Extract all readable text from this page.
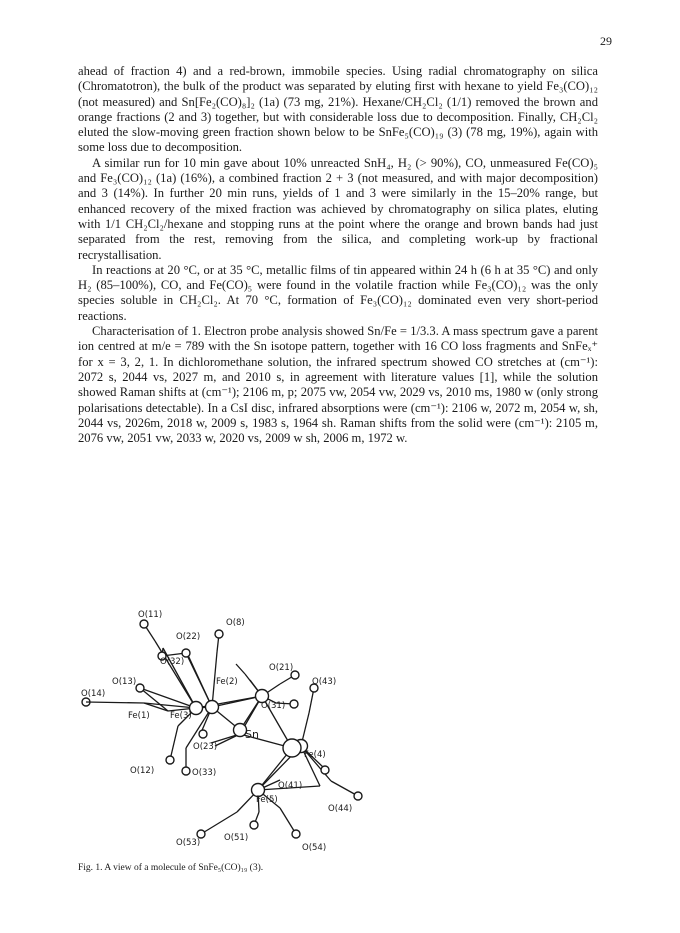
29

ahead of fraction 4) and a red-brown, immobile species. Using radial chromatography on silica (Chromatotron), the bulk of the product was separated by eluting first with hexane to yield Fe₃(CO)₁₂ (not measured) and Sn[Fe₂(CO)₈]₂ (1a) (73 mg, 21%). Hexane/CH₂Cl₂ (1/1) removed the brown and orange fractions (2 and 3) together, but with considerable loss due to decomposition. Finally, CH₂Cl₂ eluted the slow-moving green fraction shown below to be SnFe₅(CO)₁₉ (3) (78 mg, 19%), again with some loss due to decomposition.

A similar run for 10 min gave about 10% unreacted SnH₄, H₂ (> 90%), CO, unmeasured Fe(CO)₅ and Fe₃(CO)₁₂ (1a) (16%), a combined fraction 2 + 3 (not measured, and with major decomposition) and 3 (14%). In further 20 min runs, yields of 1 and 3 were similarly in the 15–20% range, but enhanced recovery of the mixed fraction was achieved by chromatography on silica plates, eluting with 1/1 CH₂Cl₂/hexane and stopping runs at the point where the orange and brown bands had just separated from the rest, removing from the silica, and completing work-up by fractional recrystallisation.

In reactions at 20 °C, or at 35 °C, metallic films of tin appeared within 24 h (6 h at 35 °C) and only H₂ (85–100%), CO, and Fe(CO)₅ were found in the volatile fraction while Fe₃(CO)₁₂ was the only species soluble in CH₂Cl₂. At 70 °C, formation of Fe₃(CO)₁₂ dominated even very short-period reactions.

Characterisation of 1. Electron probe analysis showed Sn/Fe = 1/3.3. A mass spectrum gave a parent ion centred at m/e = 789 with the Sn isotope pattern, together with 16 CO loss fragments and SnFeₓ⁺ for x = 3, 2, 1. In dichloromethane solution, the infrared spectrum showed CO stretches at (cm⁻¹): 2072 s, 2044 vs, 2027 m, and 2010 s, in agreement with literature values [1], while the solution showed Raman shifts at (cm⁻¹); 2106 m, p; 2075 vw, 2054 vw, 2029 vs, 2010 ms, 1980 w (only strong polarisations detectable). In a CsI disc, infrared absorptions were (cm⁻¹): 2106 w, 2072 m, 2054 w, sh, 2044 vs, 2026m, 2018 w, 2009 s, 1983 s, 1964 sh. Raman shifts from the solid were (cm⁻¹): 2105 m, 2076 vw, 2051 vw, 2033 w, 2020 vs, 2009 w sh, 2006 m, 1972 w.

O(11)
O(8)
O(22)
O(32)
O(21)
O(13)	Fe(2)	O(43)
O(14)
O(31)
Fe(1) Fe(3)
Sn
O(23)
Fe(4)
O(12)	O(33)
O(41)
Fe(5)
O(44)
O(53)	O(51)
O(54)
Fig. 1. A view of a molecule of SnFe₅(CO)₁₉ (3).
